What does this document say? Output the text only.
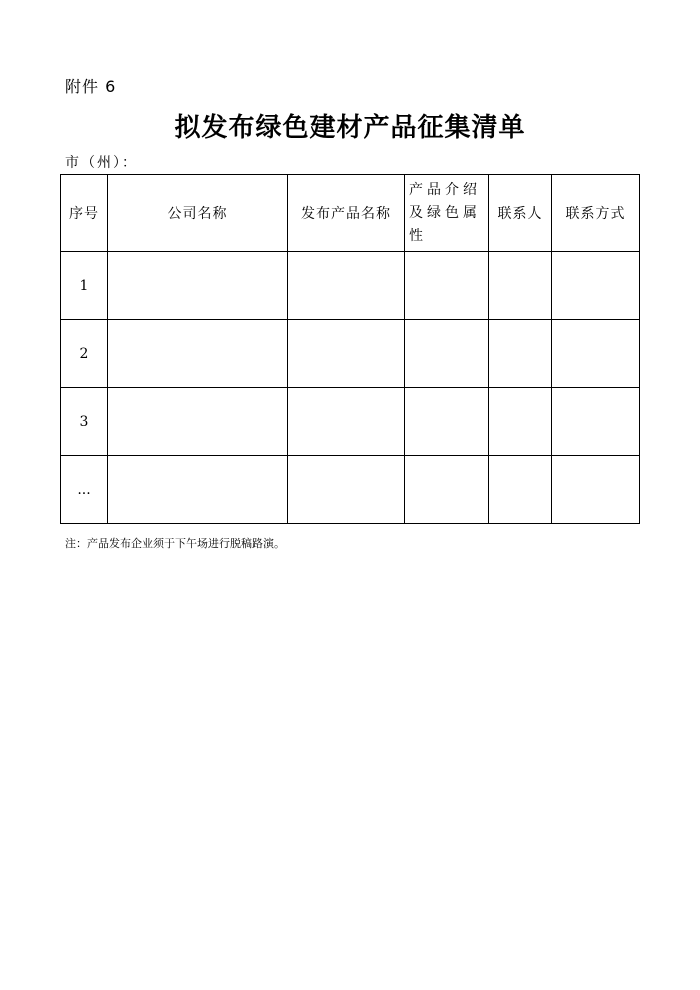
附件 6
拟发布绿色建材产品征集清单
市（州）：
序号	公司名称	发布产品名称	产品介绍及绿色属性	联系人	联系方式
1					
2					
3					
...					
注：产品发布企业须于下午场进行脱稿路演。
